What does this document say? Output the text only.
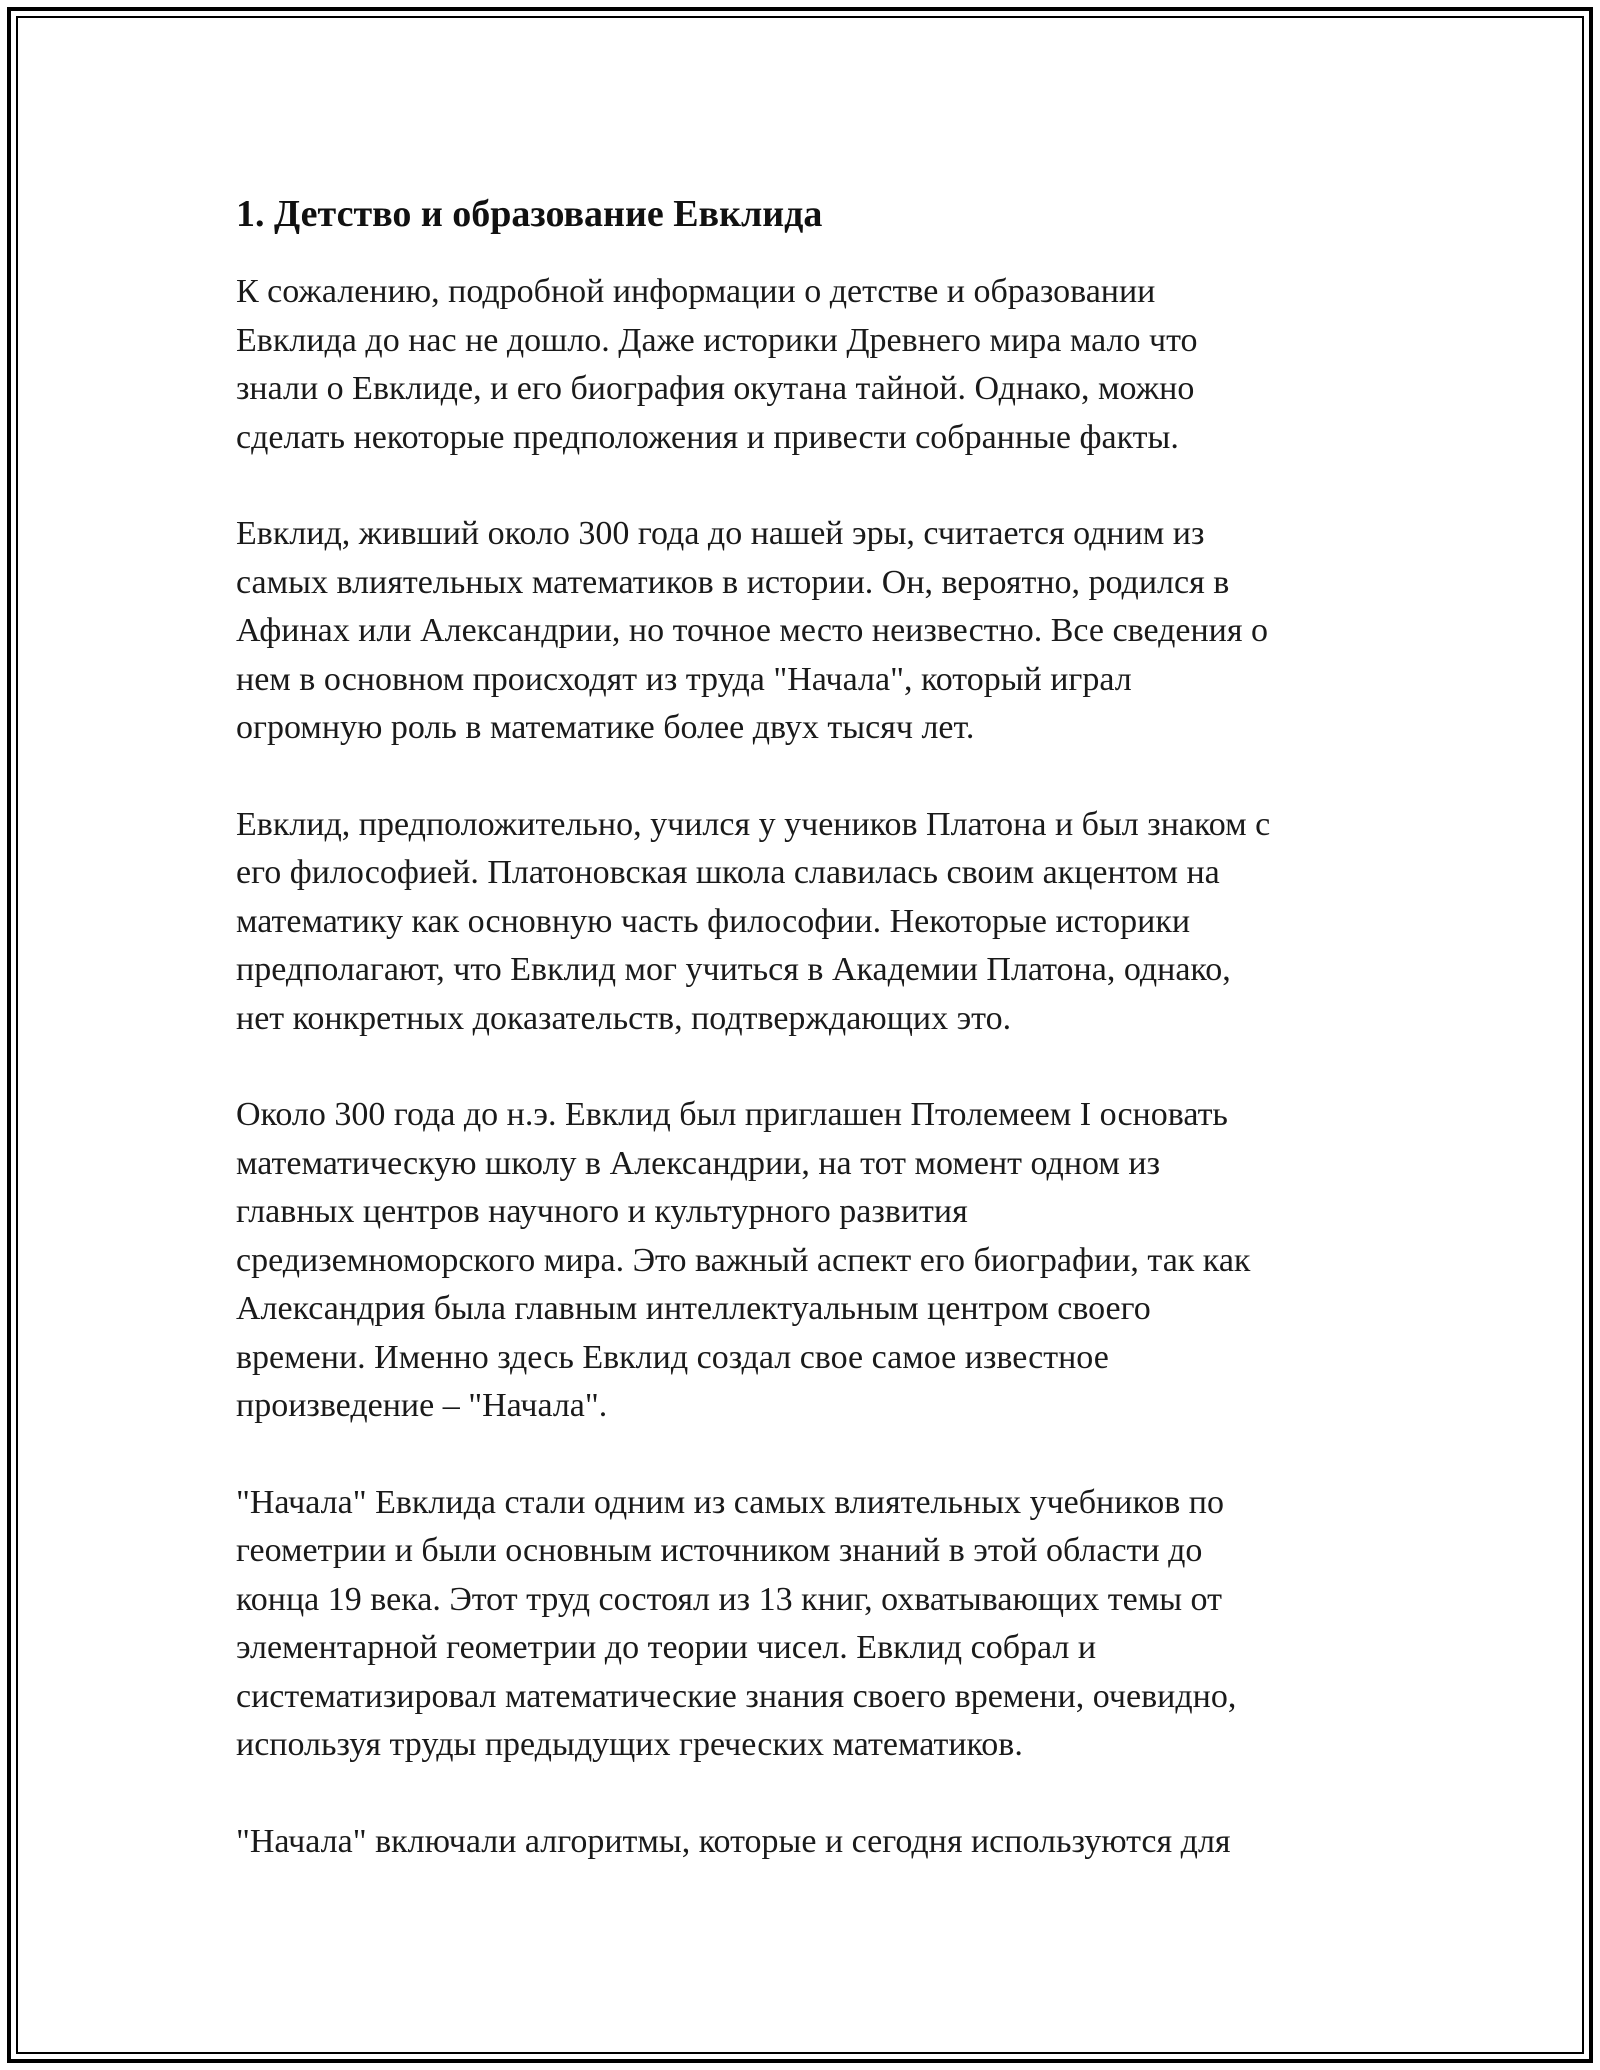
1. Детство и образование Евклида

К сожалению, подробной информации о детстве и образовании
Евклида до нас не дошло. Даже историки Древнего мира мало что
знали о Евклиде, и его биография окутана тайной. Однако, можно
сделать некоторые предположения и привести собранные факты.

Евклид, живший около 300 года до нашей эры, считается одним из
самых влиятельных математиков в истории. Он, вероятно, родился в
Афинах или Александрии, но точное место неизвестно. Все сведения о
нем в основном происходят из труда "Начала", который играл
огромную роль в математике более двух тысяч лет.

Евклид, предположительно, учился у учеников Платона и был знаком с
его философией. Платоновская школа славилась своим акцентом на
математику как основную часть философии. Некоторые историки
предполагают, что Евклид мог учиться в Академии Платона, однако,
нет конкретных доказательств, подтверждающих это.

Около 300 года до н.э. Евклид был приглашен Птолемеем I основать
математическую школу в Александрии, на тот момент одном из
главных центров научного и культурного развития
средиземноморского мира. Это важный аспект его биографии, так как
Александрия была главным интеллектуальным центром своего
времени. Именно здесь Евклид создал свое самое известное
произведение – "Начала".

"Начала" Евклида стали одним из самых влиятельных учебников по
геометрии и были основным источником знаний в этой области до
конца 19 века. Этот труд состоял из 13 книг, охватывающих темы от
элементарной геометрии до теории чисел. Евклид собрал и
систематизировал математические знания своего времени, очевидно,
используя труды предыдущих греческих математиков.

"Начала" включали алгоритмы, которые и сегодня используются для
